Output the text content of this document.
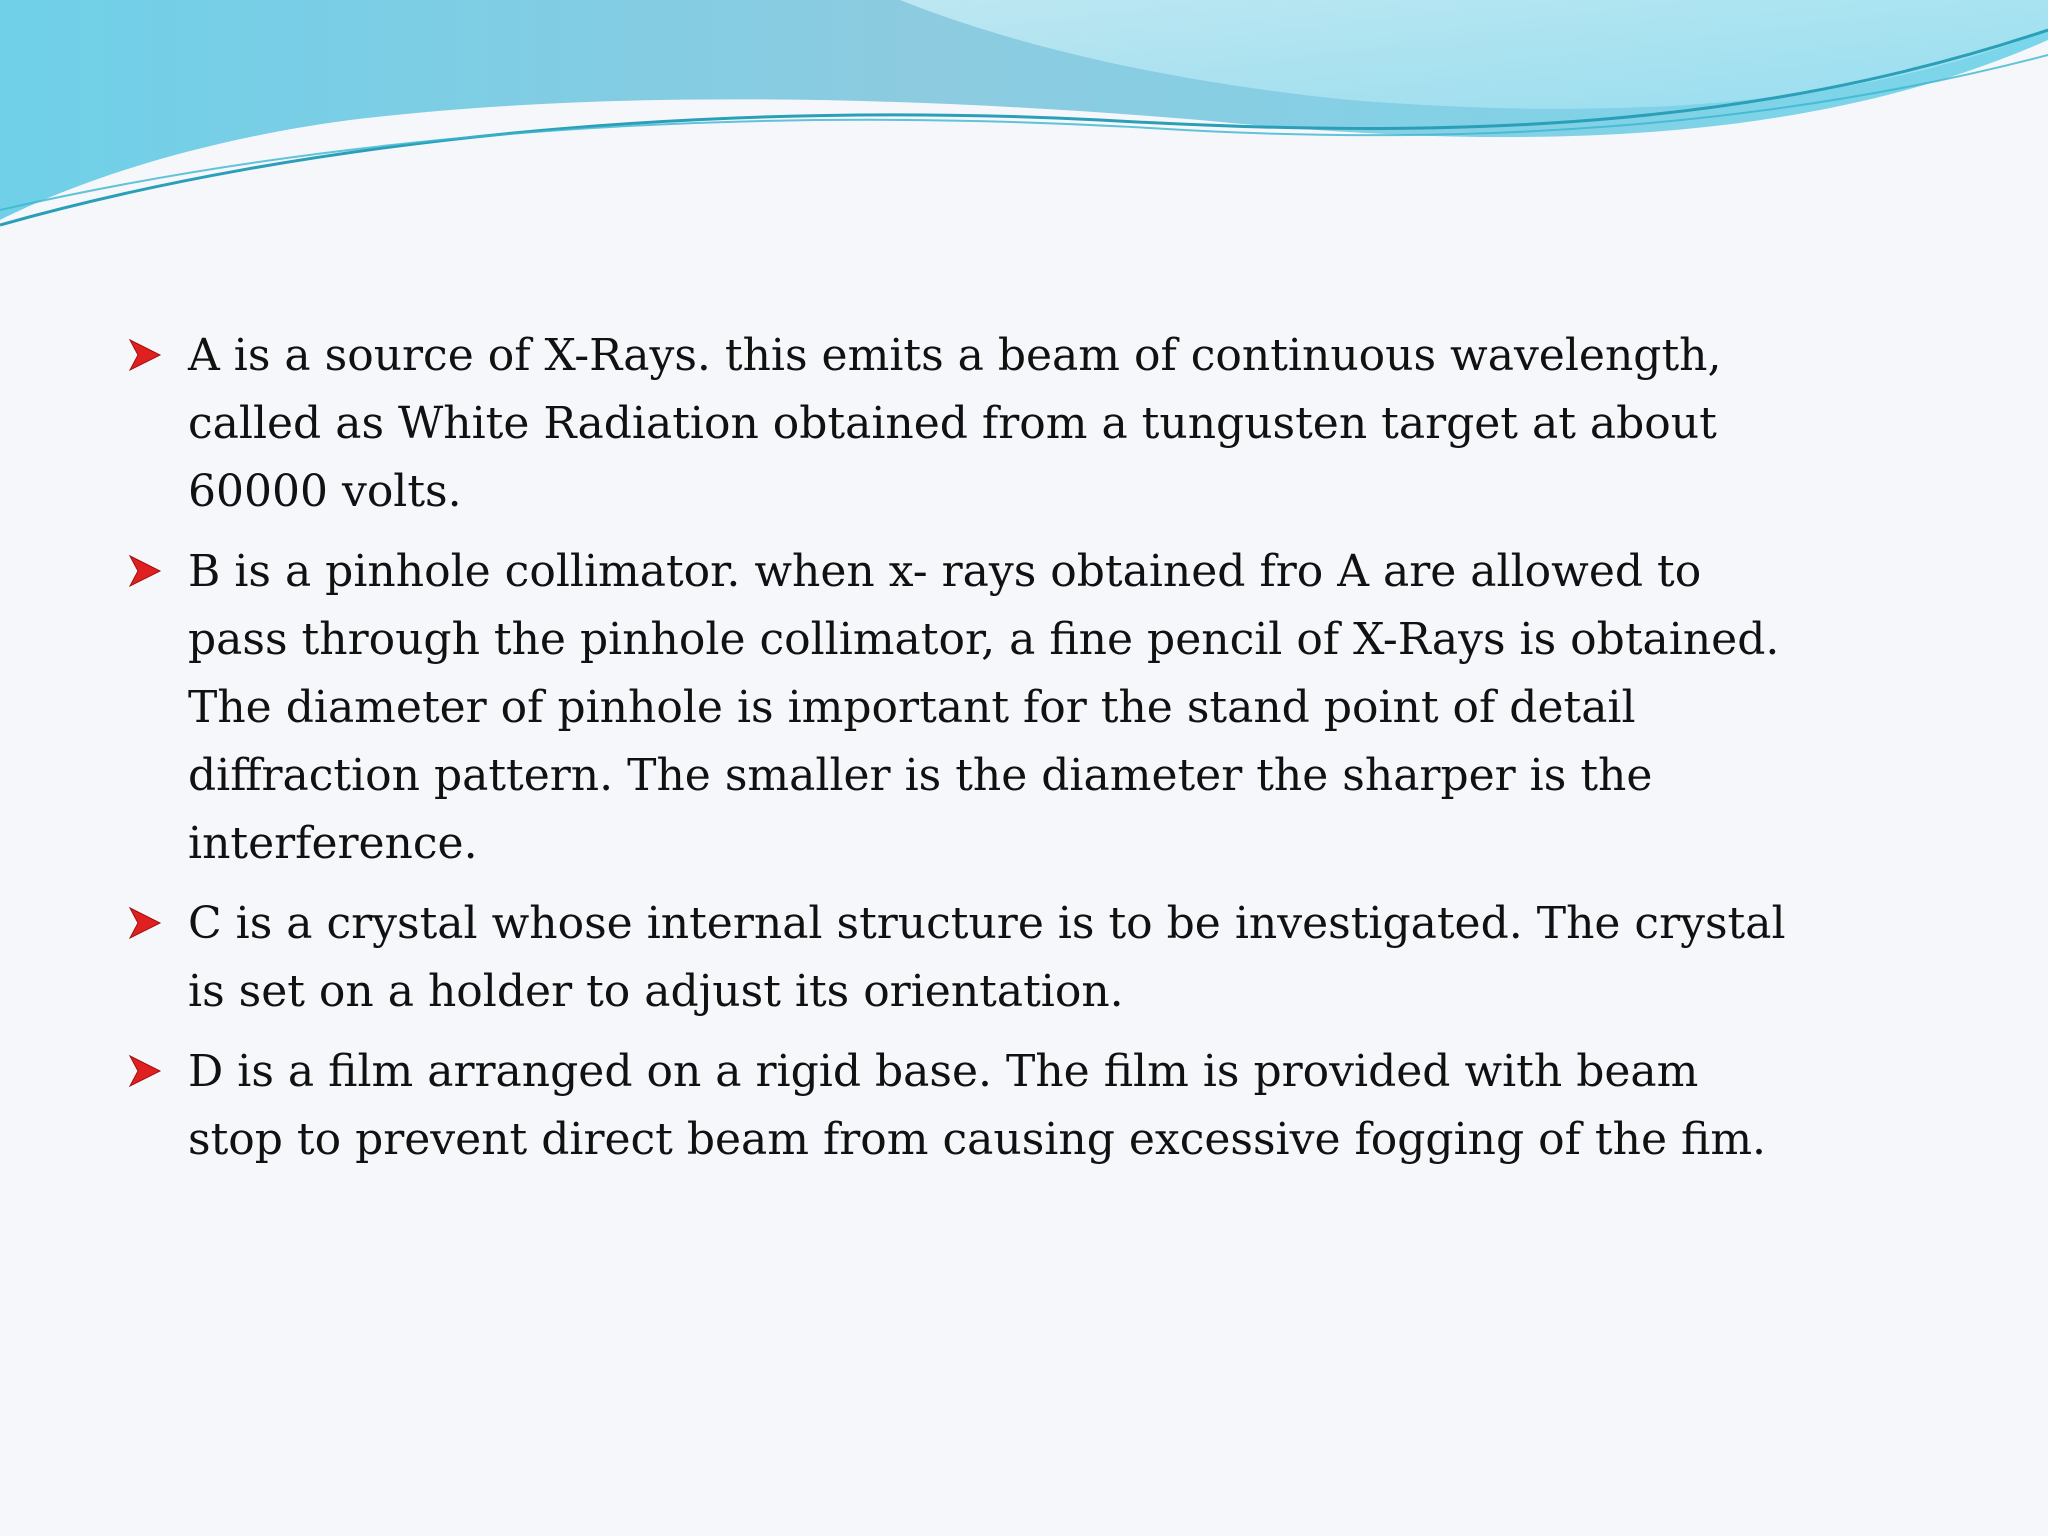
A is a source of X-Rays. this emits a beam of continuous wavelength,
called as White Radiation obtained from a tungusten target at about
60000 volts.
B is a pinhole collimator. when x- rays obtained fro A are allowed to
pass through the pinhole collimator, a fine pencil of X-Rays is obtained.
The diameter of pinhole is important for the stand point of detail
diffraction pattern. The smaller is the diameter the sharper is the
interference.
C is a crystal whose internal structure is to be investigated. The crystal
is set on a holder to adjust its orientation.
D is a film arranged on a rigid base. The film is provided with beam
stop to prevent direct beam from causing excessive fogging of the fim.
